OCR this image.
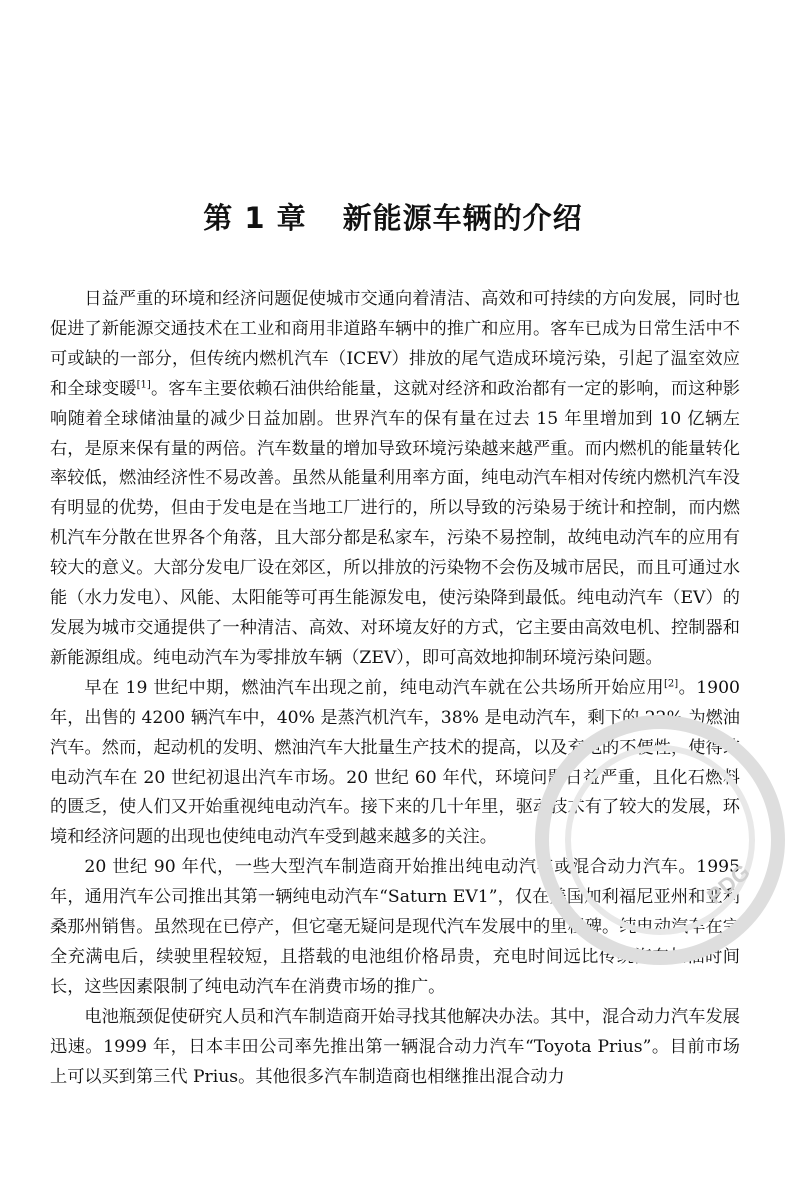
第 1 章 新能源车辆的介绍

日益严重的环境和经济问题促使城市交通向着清洁、高效和可持续的方向发展，同时也促进了新能源交通技术在工业和商用非道路车辆中的推广和应用。客车已成为日常生活中不可或缺的一部分，但传统内燃机汽车（ICEV）排放的尾气造成环境污染，引起了温室效应和全球变暖[1]。客车主要依赖石油供给能量，这就对经济和政治都有一定的影响，而这种影响随着全球储油量的减少日益加剧。世界汽车的保有量在过去 15 年里增加到 10 亿辆左右，是原来保有量的两倍。汽车数量的增加导致环境污染越来越严重。而内燃机的能量转化率较低，燃油经济性不易改善。虽然从能量利用率方面，纯电动汽车相对传统内燃机汽车没有明显的优势，但由于发电是在当地工厂进行的，所以导致的污染易于统计和控制，而内燃机汽车分散在世界各个角落，且大部分都是私家车，污染不易控制，故纯电动汽车的应用有较大的意义。大部分发电厂设在郊区，所以排放的污染物不会伤及城市居民，而且可通过水能（水力发电）、风能、太阳能等可再生能源发电，使污染降到最低。纯电动汽车（EV）的发展为城市交通提供了一种清洁、高效、对环境友好的方式，它主要由高效电机、控制器和新能源组成。纯电动汽车为零排放车辆（ZEV），即可高效地抑制环境污染问题。

早在 19 世纪中期，燃油汽车出现之前，纯电动汽车就在公共场所开始应用[2]。1900 年，出售的 4200 辆汽车中，40% 是蒸汽机汽车，38% 是电动汽车，剩下的 22% 为燃油汽车。然而，起动机的发明、燃油汽车大批量生产技术的提高，以及充电的不便性，使得纯电动汽车在 20 世纪初退出汽车市场。20 世纪 60 年代，环境问题日益严重，且化石燃料的匮乏，使人们又开始重视纯电动汽车。接下来的几十年里，驱动技术有了较大的发展，环境和经济问题的出现也使纯电动汽车受到越来越多的关注。

20 世纪 90 年代，一些大型汽车制造商开始推出纯电动汽车或混合动力汽车。1995 年，通用汽车公司推出其第一辆纯电动汽车“Saturn EV1”，仅在美国加利福尼亚州和亚利桑那州销售。虽然现在已停产，但它毫无疑问是现代汽车发展中的里程碑。纯电动汽车在完全充满电后，续驶里程较短，且搭载的电池组价格昂贵，充电时间远比传统汽车加油时间长，这些因素限制了纯电动汽车在消费市场的推广。

电池瓶颈促使研究人员和汽车制造商开始寻找其他解决办法。其中，混合动力汽车发展迅速。1999 年，日本丰田公司率先推出第一辆混合动力汽车“Toyota Prius”。目前市场上可以买到第三代 Prius。其他很多汽车制造商也相继推出混合动力

PDG
